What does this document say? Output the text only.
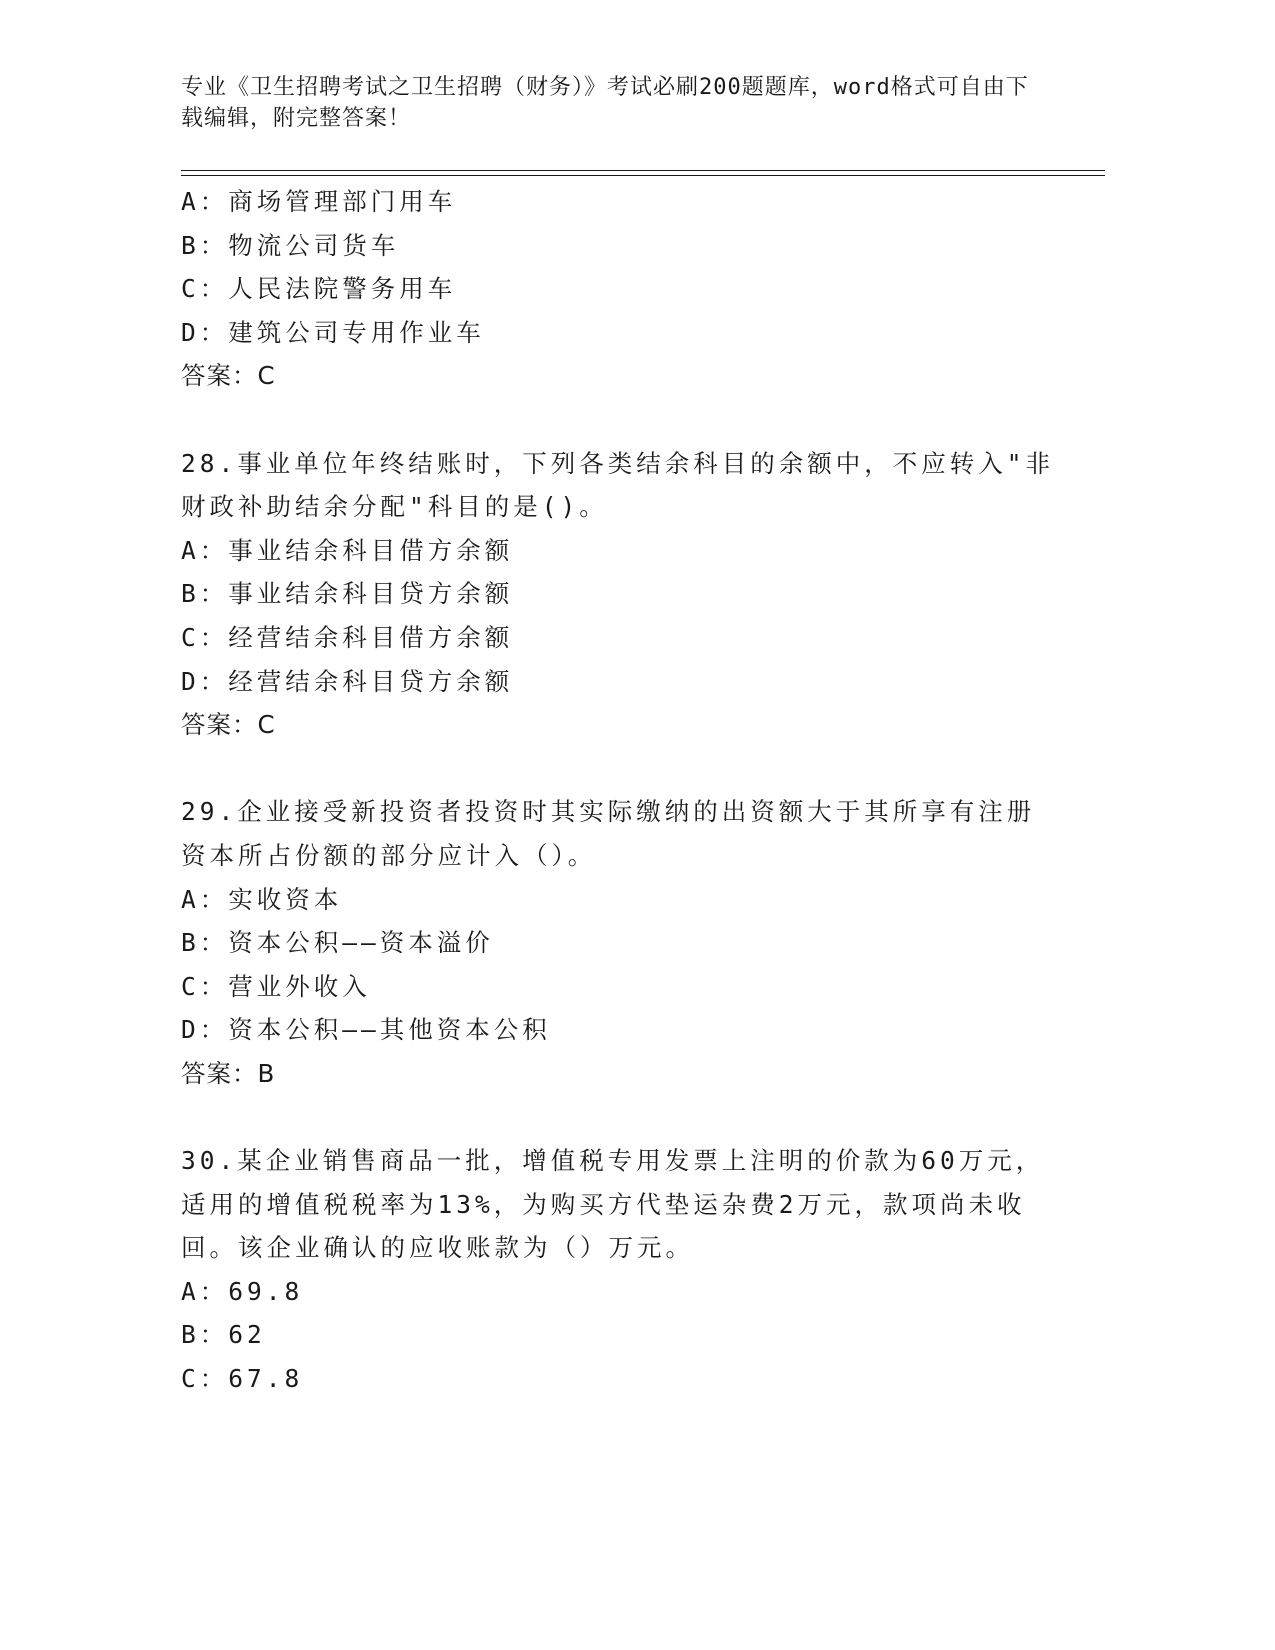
专业《卫生招聘考试之卫生招聘（财务）》考试必刷200题题库，word格式可自由下载编辑，附完整答案！
A：商场管理部门用车
B：物流公司货车
C：人民法院警务用车
D：建筑公司专用作业车
答案：C
28.事业单位年终结账时，下列各类结余科目的余额中，不应转入"非财政补助结余分配"科目的是()。
A：事业结余科目借方余额
B：事业结余科目贷方余额
C：经营结余科目借方余额
D：经营结余科目贷方余额
答案：C
29.企业接受新投资者投资时其实际缴纳的出资额大于其所享有注册资本所占份额的部分应计入（）。
A：实收资本
B：资本公积——资本溢价
C：营业外收入
D：资本公积——其他资本公积
答案：B
30.某企业销售商品一批，增值税专用发票上注明的价款为60万元，适用的增值税税率为13%，为购买方代垫运杂费2万元，款项尚未收回。该企业确认的应收账款为（）万元。
A：69.8
B：62
C：67.8
